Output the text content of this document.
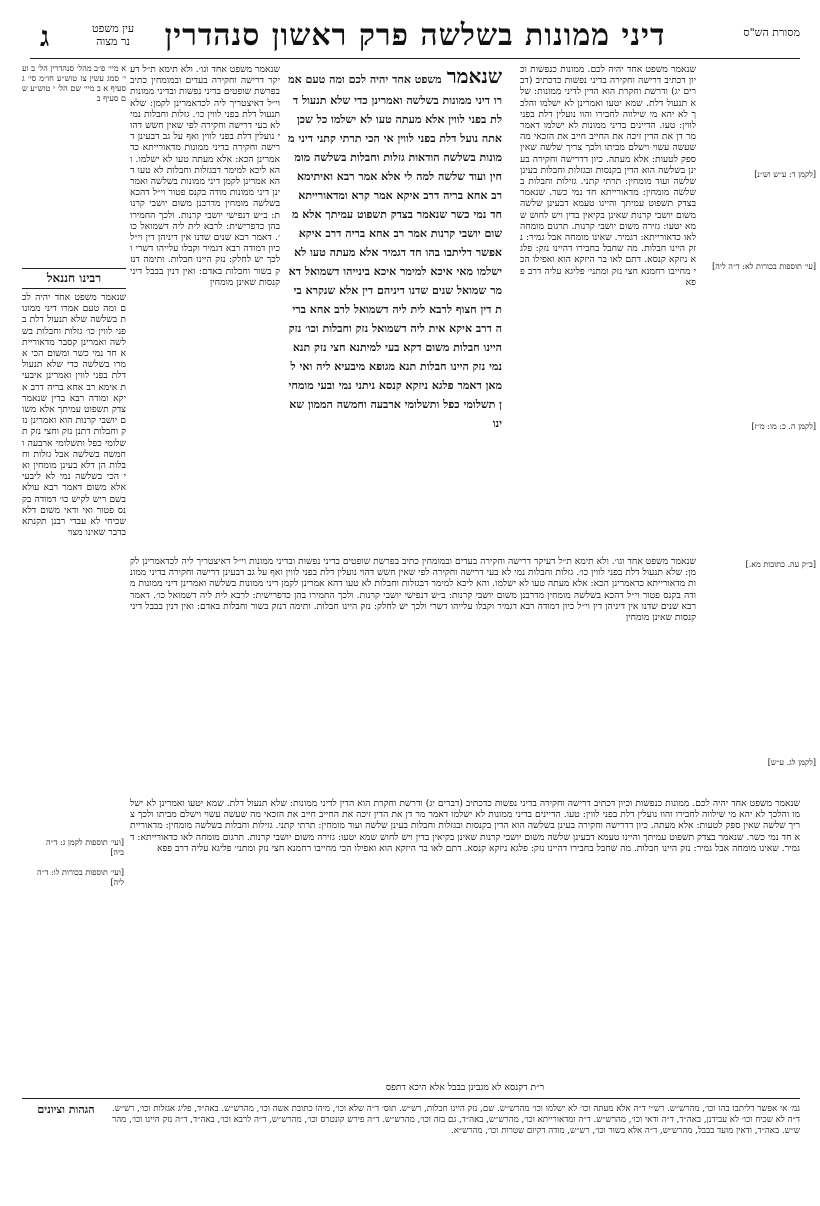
מסורת הש"ס
דיני ממונות בשלשה פרק ראשון סנהדרין
ג	עין משפט
נר מצוה
א מיי׳ פ״ב מהל׳ סנהדרין הל׳ ב ועי׳ סמג עשין צז טוש״ע חו״מ סי׳ ג סעיף א ב מיי׳ שם הל׳ י טוש״ע שם סעיף ב
רבינו חננאל
שנאמר משפט אחד יהיה לכם ומה טעם אמרו דיני ממונות בשלשה שלא תנעול דלת בפני לווין כו׳ גזלות וחבלות בשלשה ואמרינן קסבר מדאורייתא חד נמי כשר ומשום הכי אמרו בשלשה כדי שלא תנעול דלת בפני לווין ואמרינן איבעית אימא רב אחא בריה דרב איקא ומודה רבא בדין שנאמר צדק תשפוט עמיתך אלא משום יושבי קרנות הוא ואמרינן נזק וחבלות דתנן נזק וחצי נזק תשלומי כפל ותשלומי ארבעה וחמשה בשלשה אבל גזלות וחבלות הן דלא בעינן מומחין ואי הכי בשלשה נמי לא ליבעי אלא משום דאמר רבא עולא בשם ריש לקיש כו׳ דמודה בקנס פטור ואי ודאי משום דלא שכיחי לא עבדי רבנן תקנתא בדבר שאינו מצוי
[לקמן ד: ע״ש וש״נ]
[עי׳ תוספות בכורות לא: ד״ה ליה]
[לקמן ה. כ: מו: מ״ז]
[ב״ק עה. כתובות מא.]
[לקמן לג. ע״ש]
[ועי׳ תוספות לקמן ג: ד״ה ביה]
[ועי׳ תוספות בכורות לו: ד״ה ליה]
שנאמר משפט אחד יהיה לכם. ממונות כנפשות וכיון דכתיב דרישה וחקירה בדיני נפשות כדכתיב (דברים יג) ודרשת וחקרת הוא הדין לדיני ממונות: שלא תנעול דלת. שמא יטעו ואמרינן לא ישלמו והלכך לא יהא מי שילווה לחבירו והוו נועלין דלת בפני לווין: טעו. הדיינים בדיני ממונות לא ישלמו דאמר מר דן את הדין זיכה את החייב חייב את הזכאי מה שעשה עשוי וישלם מביתו ולכך צריך שלשה שאין ספק לטעות: אלא מעתה. כיון דדרישה וחקירה בעינן בשלשה הוא הדין בקנסות ובגזלות וחבלות בעינן שלשה ועוד מומחין: תרתי קתני. גזילות וחבלות בשלשה מומחין: מדאורייתא חד נמי כשר. שנאמר בצדק תשפוט עמיתך והיינו טעמא דבעינן שלשה משום יושבי קרנות שאינן בקיאין בדין ויש לחוש שמא יטעו: גזירה משום יושבי קרנות. תרגום מומחה לאו כדאורייתא: דגמיר. שאינו מומחה אבל גמיר: נזק היינו חבלות. מה שחבל בחבירו דהיינו נזק: פלגא ניזקא קנסא. דתם לאו בר היזקא הוא ואפילו הכי מחייבו רחמנא חצי נזק ומתני׳ פליגא עליה דרב פפא
שנאמר משפט אחד וגו׳. ולא תימא ת״ל דעיקר דרישה וחקירה בעדים ובמומחין כתיב בפרשת שופטים בדיני נפשות ובדיני ממונות וי״ל דאיצטריך ליה לכדאמרינן לקמן: שלא תנעול דלת בפני לווין כו׳. גזלות וחבלות נמי לא בעי דרישה וחקירה לפי שאין חשש דהוי נועלין דלת בפני לווין ואף על גב דבעינן דרישה וחקירה בדיני ממונות מדאורייתא כדאמרינן הכא: אלא מעתה טעו לא ישלמו. והא ליכא למימר דבגזלות וחבלות לא טעו דהא אמרינן לקמן דיני ממונות בשלשה ואמרינן דיני ממונות מודה בקנס פטור וי״ל דהכא בשלשה מומחין מדרבנן משום יושבי קרנות: ב״ש דנפישי יושבי קרנות. ולכך החמירו בהן כדפרישית: לרבא לית ליה דשמואל כו׳. דאמר רבא שנים שדנו אין דיניהן דין וי״ל כיון דמודה רבא דגמיר וקבלו עלייהו דשרי ולכך יש לחלק: נזק היינו חבלות. ותימה דנזק בשור וחבלות באדם: ואין דנין בבבל דיני קנסות שאינן מומחין
שנאמר משפט אחד יהיה לכם ומה טעם אמרו דיני ממונות בשלשה ואמרינן כדי שלא תנעול דלת בפני לווין אלא מעתה טעו לא ישלמו כל שכן אתה נועל דלת בפני לווין אי הכי תרתי קתני דיני ממונות בשלשה הודאות גזלות וחבלות בשלשה מומחין ועוד שלשה למה לי אלא אמר רבא ואיתימא רב אחא בריה דרב איקא אמר קרא ומדאורייתא חד נמי כשר שנאמר בצדק תשפוט עמיתך אלא משום יושבי קרנות אמר רב אחא בריה דרב איקא אפשר דליתבו בהו חד דגמיר אלא מעתה טעו לא ישלמו מאי איכא למימר איכא בינייהו דשמואל דאמר שמואל שנים שדנו דיניהם דין אלא שנקרא בית דין חצוף לרבא לית ליה דשמואל לרב אחא בריה דרב איקא אית ליה דשמואל נזק וחבלות וכו׳ נזק היינו חבלות משום דקא בעי למיתנא חצי נזק תנא נמי נזק היינו חבלות תנא מגופא מיבעיא ליה ואי למאן דאמר פלגא ניזקא קנסא ניתני נמי ובעי מומחין תשלומי כפל ותשלומי ארבעה וחמשה הממון שאינו
שנאמר משפט אחד וגו׳. ולא תימא ת״ל דעיקר דרישה וחקירה בעדים ובמומחין כתיב בפרשת שופטים בדיני נפשות ובדיני ממונות וי״ל דאיצטריך ליה לכדאמרינן לקמן: שלא תנעול דלת בפני לווין כו׳. גזלות וחבלות נמי לא בעי דרישה וחקירה לפי שאין חשש דהוי נועלין דלת בפני לווין ואף על גב דבעינן דרישה וחקירה בדיני ממונות מדאורייתא כדאמרינן הכא: אלא מעתה טעו לא ישלמו. והא ליכא למימר דבגזלות וחבלות לא טעו דהא אמרינן לקמן דיני ממונות בשלשה ואמרינן דיני ממונות מודה בקנס פטור וי״ל דהכא בשלשה מומחין מדרבנן משום יושבי קרנות: ב״ש דנפישי יושבי קרנות. ולכך החמירו בהן כדפרישית: לרבא לית ליה דשמואל כו׳. דאמר רבא שנים שדנו אין דיניהן דין וי״ל כיון דמודה רבא דגמיר וקבלו עלייהו דשרי ולכך יש לחלק: נזק היינו חבלות. ותימה דנזק בשור וחבלות באדם: ואין דנין בבבל דיני קנסות שאינן מומחין
שנאמר משפט אחד יהיה לכם. ממונות כנפשות וכיון דכתיב דרישה וחקירה בדיני נפשות כדכתיב (דברים יג) ודרשת וחקרת הוא הדין לדיני ממונות: שלא תנעול דלת. שמא יטעו ואמרינן לא ישלמו והלכך לא יהא מי שילווה לחבירו והוו נועלין דלת בפני לווין: טעו. הדיינים בדיני ממונות לא ישלמו דאמר מר דן את הדין זיכה את החייב חייב את הזכאי מה שעשה עשוי וישלם מביתו ולכך צריך שלשה שאין ספק לטעות: אלא מעתה. כיון דדרישה וחקירה בעינן בשלשה הוא הדין בקנסות ובגזלות וחבלות בעינן שלשה ועוד מומחין: תרתי קתני. גזילות וחבלות בשלשה מומחין: מדאורייתא חד נמי כשר. שנאמר בצדק תשפוט עמיתך והיינו טעמא דבעינן שלשה משום יושבי קרנות שאינן בקיאין בדין ויש לחוש שמא יטעו: גזירה משום יושבי קרנות. תרגום מומחה לאו כדאורייתא: דגמיר. שאינו מומחה אבל גמיר: נזק היינו חבלות. מה שחבל בחבירו דהיינו נזק: פלגא ניזקא קנסא. דתם לאו בר היזקא הוא ואפילו הכי מחייבו רחמנא חצי נזק ומתני׳ פליגא עליה דרב פפא
ר״ת דקנסא לא מגבינן בבבל אלא היכא דתפס
הגהות וציונים	גמ׳ אי אפשר דליתבו בהו וכו׳, מהרש״ש. רש״י ד״ה אלא מעתה וכו׳ לא ישלמו וכו׳ מהרש״ש. שם, נזק היינו חבלות, רש״ש. תוס׳ ד״ה שלא וכו׳, מיהו כתובת אשה וכו׳, מהרש״ש. באה״ד, פליג אגזלות וכו׳, רש״ש. ד״ה לא שכיח וכו׳ לא עבידנן, באה״ד, ד״ה ודאי וכו׳, מהרש״ש. ד״ה ומדאורייתא וכו׳, מהרש״ש, באה״ד, גם בזה וכו׳, מהרש״ש. ד״ה פירש קונטרס וכו׳, מהרש״ש, ד״ה לרבא וכו׳, באה״ד, ד״ה נזק היינו וכו׳, מהרש״ש. באה״ד, ודאין מועד בבבל, מהרש״ש, ד״ה אלא בשור וכו׳, רש״ש, מודה דקיום שטרות וכו׳, מהרש״א.
